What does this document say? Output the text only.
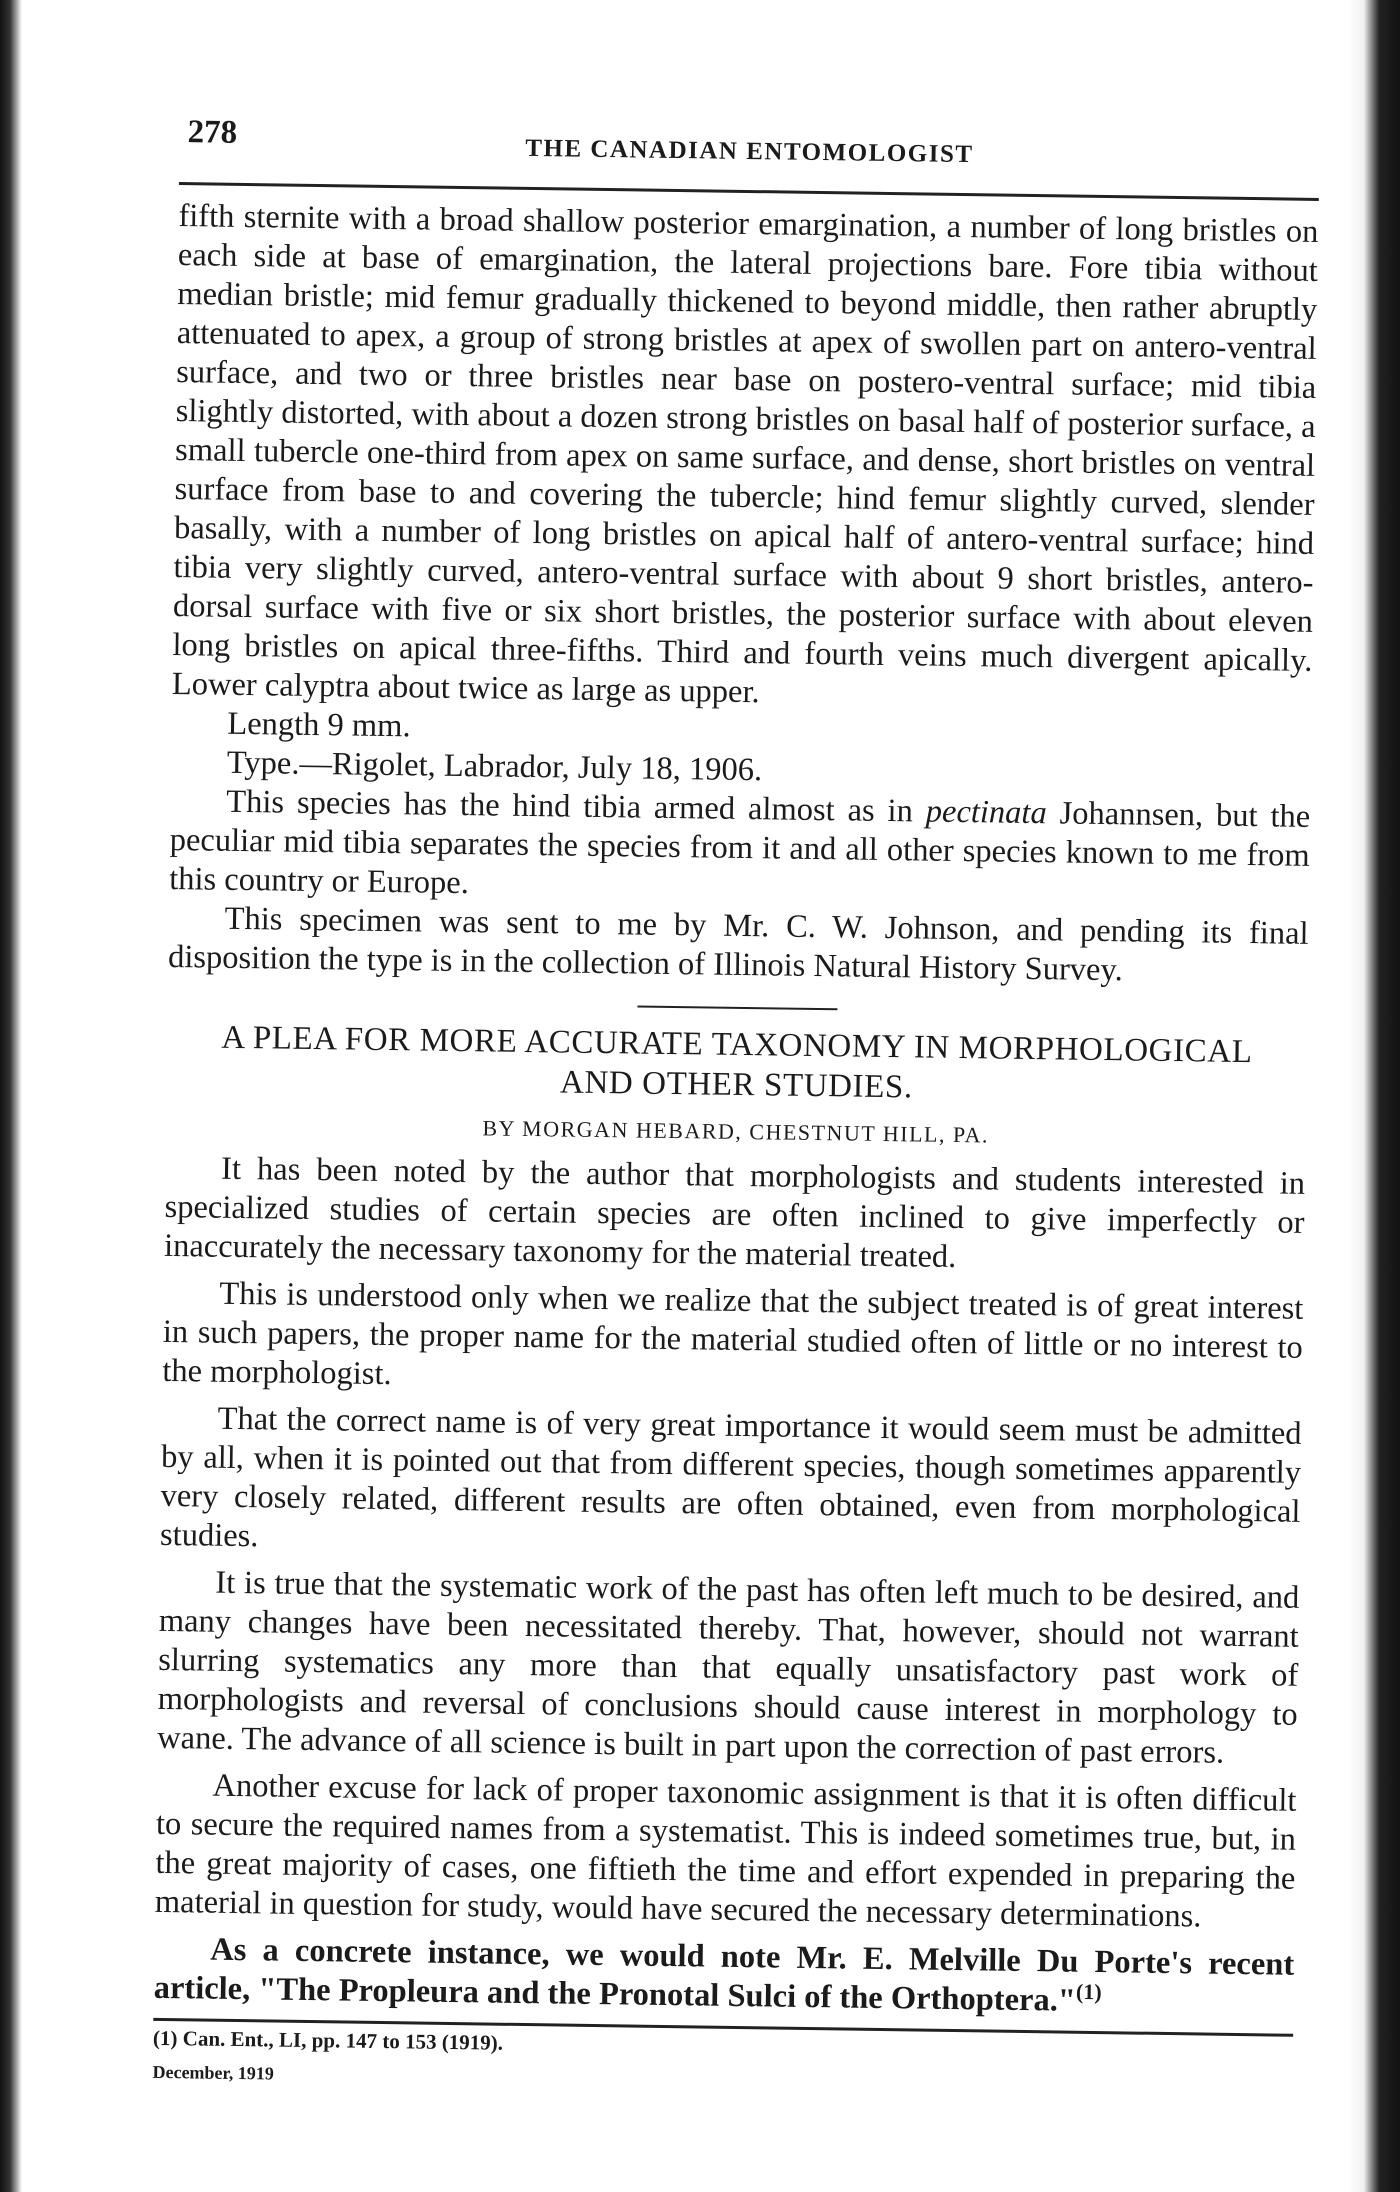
278
THE CANADIAN ENTOMOLOGIST

fifth sternite with a broad shallow posterior emargination, a number of long bristles on each side at base of emargination, the lateral projections bare. Fore tibia without median bristle; mid femur gradually thickened to beyond middle, then rather abruptly attenuated to apex, a group of strong bristles at apex of swollen part on antero-ventral surface, and two or three bristles near base on postero-ventral surface; mid tibia slightly distorted, with about a dozen strong bristles on basal half of posterior surface, a small tubercle one-third from apex on same surface, and dense, short bristles on ventral surface from base to and covering the tubercle; hind femur slightly curved, slender basally, with a number of long bristles on apical half of antero-ventral surface; hind tibia very slightly curved, antero-ventral surface with about 9 short bristles, antero-dorsal surface with five or six short bristles, the posterior surface with about eleven long bristles on apical three-fifths. Third and fourth veins much divergent apically. Lower calyptra about twice as large as upper.

Length 9 mm.

Type.—Rigolet, Labrador, July 18, 1906.

This species has the hind tibia armed almost as in pectinata Johannsen, but the peculiar mid tibia separates the species from it and all other species known to me from this country or Europe.

This specimen was sent to me by Mr. C. W. Johnson, and pending its final disposition the type is in the collection of Illinois Natural History Survey.

A PLEA FOR MORE ACCURATE TAXONOMY IN MORPHOLOGICAL

AND OTHER STUDIES.

BY MORGAN HEBARD, CHESTNUT HILL, PA.

It has been noted by the author that morphologists and students interested in specialized studies of certain species are often inclined to give imperfectly or inaccurately the necessary taxonomy for the material treated.

This is understood only when we realize that the subject treated is of great interest in such papers, the proper name for the material studied often of little or no interest to the morphologist.

That the correct name is of very great importance it would seem must be admitted by all, when it is pointed out that from different species, though sometimes apparently very closely related, different results are often obtained, even from morphological studies.

It is true that the systematic work of the past has often left much to be desired, and many changes have been necessitated thereby. That, however, should not warrant slurring systematics any more than that equally unsatisfactory past work of morphologists and reversal of conclusions should cause interest in morphology to wane. The advance of all science is built in part upon the correction of past errors.

Another excuse for lack of proper taxonomic assignment is that it is often difficult to secure the required names from a systematist. This is indeed sometimes true, but, in the great majority of cases, one fiftieth the time and effort expended in preparing the material in question for study, would have secured the necessary determinations.

As a concrete instance, we would note Mr. E. Melville Du Porte's recent article, "The Propleura and the Pronotal Sulci of the Orthoptera."$^{(1)}$

(1) Can. Ent., LI, pp. 147 to 153 (1919).

December, 1919
